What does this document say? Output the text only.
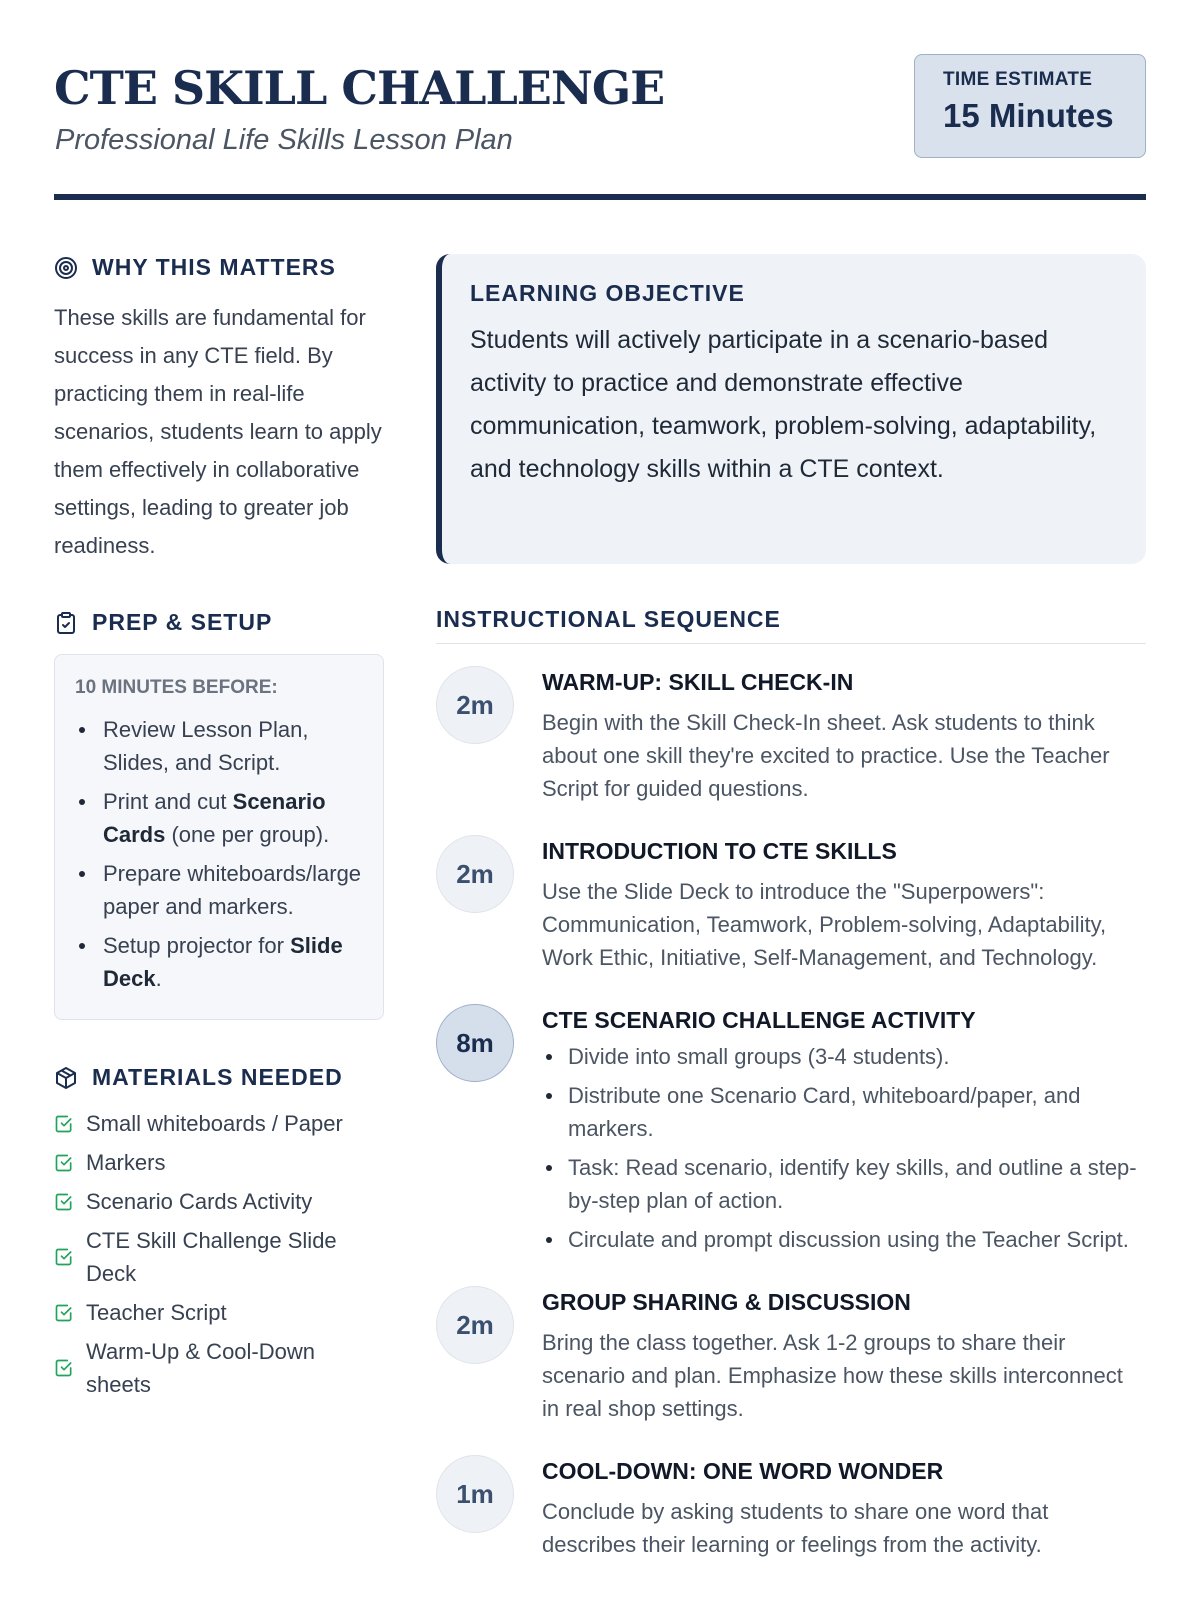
CTE SKILL CHALLENGE
Professional Life Skills Lesson Plan
TIME ESTIMATE
15 Minutes
WHY THIS MATTERS

These skills are fundamental for success in any CTE field. By practicing them in real-life scenarios, students learn to apply them effectively in collaborative settings, leading to greater job readiness.

PREP & SETUP
10 MINUTES BEFORE:
Review Lesson Plan, Slides, and Script.
Print and cut Scenario Cards (one per group).
Prepare whiteboards/large paper and markers.
Setup projector for Slide Deck.
MATERIALS NEEDED
Small whiteboards / Paper
Markers
Scenario Cards Activity
CTE Skill Challenge Slide Deck
Teacher Script
Warm-Up & Cool-Down sheets
LEARNING OBJECTIVE

Students will actively participate in a scenario-based activity to practice and demonstrate effective communication, teamwork, problem-solving, adaptability, and technology skills within a CTE context.

INSTRUCTIONAL SEQUENCE
2m
WARM-UP: SKILL CHECK-IN

Begin with the Skill Check-In sheet. Ask students to think about one skill they're excited to practice. Use the Teacher Script for guided questions.

2m
INTRODUCTION TO CTE SKILLS

Use the Slide Deck to introduce the "Superpowers": Communication, Teamwork, Problem-solving, Adaptability, Work Ethic, Initiative, Self-Management, and Technology.

8m
CTE SCENARIO CHALLENGE ACTIVITY
Divide into small groups (3-4 students).
Distribute one Scenario Card, whiteboard/paper, and markers.
Task: Read scenario, identify key skills, and outline a step-by-step plan of action.
Circulate and prompt discussion using the Teacher Script.
2m
GROUP SHARING & DISCUSSION

Bring the class together. Ask 1-2 groups to share their scenario and plan. Emphasize how these skills interconnect in real shop settings.

1m
COOL-DOWN: ONE WORD WONDER

Conclude by asking students to share one word that describes their learning or feelings from the activity.
